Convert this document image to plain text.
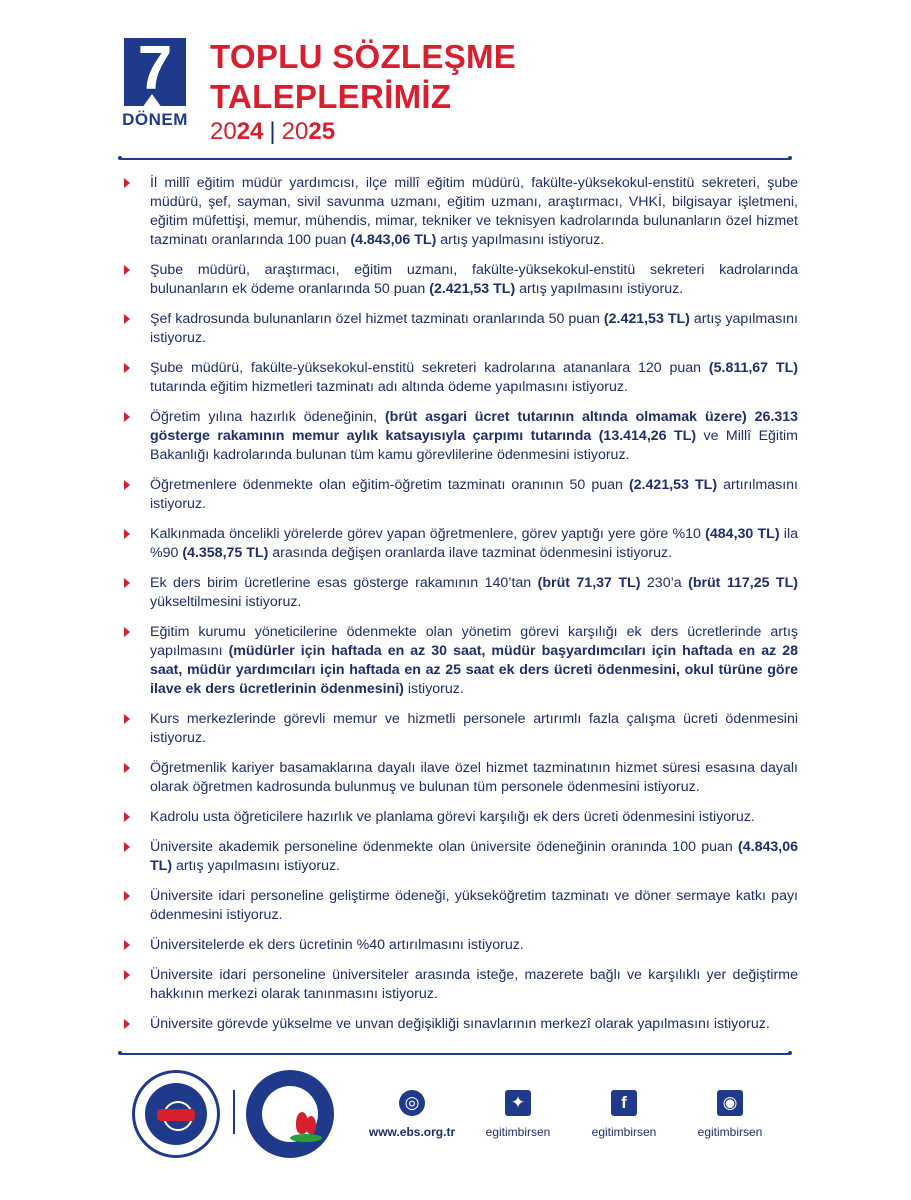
7
DÖNEM
TOPLU SÖZLEŞME
TALEPLERİMİZ
2024 | 2025
İl millî eğitim müdür yardımcısı, ilçe millî eğitim müdürü, fakülte-yüksekokul-enstitü sekreteri, şube müdürü, şef, sayman, sivil savunma uzmanı, eğitim uzmanı, araştırmacı, VHKİ, bilgisayar işletmeni, eğitim müfettişi, memur, mühendis, mimar, tekniker ve teknisyen kadrolarında bulunanların özel hizmet tazminatı oranlarında 100 puan (4.843,06 TL) artış yapılmasını istiyoruz.
Şube müdürü, araştırmacı, eğitim uzmanı, fakülte-yüksekokul-enstitü sekreteri kadrolarında bulunanların ek ödeme oranlarında 50 puan (2.421,53 TL) artış yapılmasını istiyoruz.
Şef kadrosunda bulunanların özel hizmet tazminatı oranlarında 50 puan (2.421,53 TL) artış yapılmasını istiyoruz.
Şube müdürü, fakülte-yüksekokul-enstitü sekreteri kadrolarına atananlara 120 puan (5.811,67 TL) tutarında eğitim hizmetleri tazminatı adı altında ödeme yapılmasını istiyoruz.
Öğretim yılına hazırlık ödeneğinin, (brüt asgari ücret tutarının altında olmamak üzere) 26.313 gösterge rakamının memur aylık katsayısıyla çarpımı tutarında (13.414,26 TL) ve Millî Eğitim Bakanlığı kadrolarında bulunan tüm kamu görevlilerine ödenmesini istiyoruz.
Öğretmenlere ödenmekte olan eğitim-öğretim tazminatı oranının 50 puan (2.421,53 TL) artırılmasını istiyoruz.
Kalkınmada öncelikli yörelerde görev yapan öğretmenlere, görev yaptığı yere göre %10 (484,30 TL) ila %90 (4.358,75 TL) arasında değişen oranlarda ilave tazminat ödenmesini istiyoruz.
Ek ders birim ücretlerine esas gösterge rakamının 140’tan (brüt 71,37 TL) 230’a (brüt 117,25 TL) yükseltilmesini istiyoruz.
Eğitim kurumu yöneticilerine ödenmekte olan yönetim görevi karşılığı ek ders ücretlerinde artış yapılmasını (müdürler için haftada en az 30 saat, müdür başyardımcıları için haftada en az 28 saat, müdür yardımcıları için haftada en az 25 saat ek ders ücreti ödenmesini, okul türüne göre ilave ek ders ücretlerinin ödenmesini) istiyoruz.
Kurs merkezlerinde görevli memur ve hizmetli personele artırımlı fazla çalışma ücreti ödenmesini istiyoruz.
Öğretmenlik kariyer basamaklarına dayalı ilave özel hizmet tazminatının hizmet süresi esasına dayalı olarak öğretmen kadrosunda bulunmuş ve bulunan tüm personele ödenmesini istiyoruz.
Kadrolu usta öğreticilere hazırlık ve planlama görevi karşılığı ek ders ücreti ödenmesini istiyoruz.
Üniversite akademik personeline ödenmekte olan üniversite ödeneğinin oranında 100 puan (4.843,06 TL) artış yapılmasını istiyoruz.
Üniversite idari personeline geliştirme ödeneği, yükseköğretim tazminatı ve döner sermaye katkı payı ödenmesini istiyoruz.
Üniversitelerde ek ders ücretinin %40 artırılmasını istiyoruz.
Üniversite idari personeline üniversiteler arasında isteğe, mazerete bağlı ve karşılıklı yer değiştirme hakkının merkezi olarak tanınmasını istiyoruz.
Üniversite görevde yükselme ve unvan değişikliği sınavlarının merkezî olarak yapılmasını istiyoruz.
◎
www.ebs.org.tr
✦
egitimbirsen
f
egitimbirsen
◉
egitimbirsen
